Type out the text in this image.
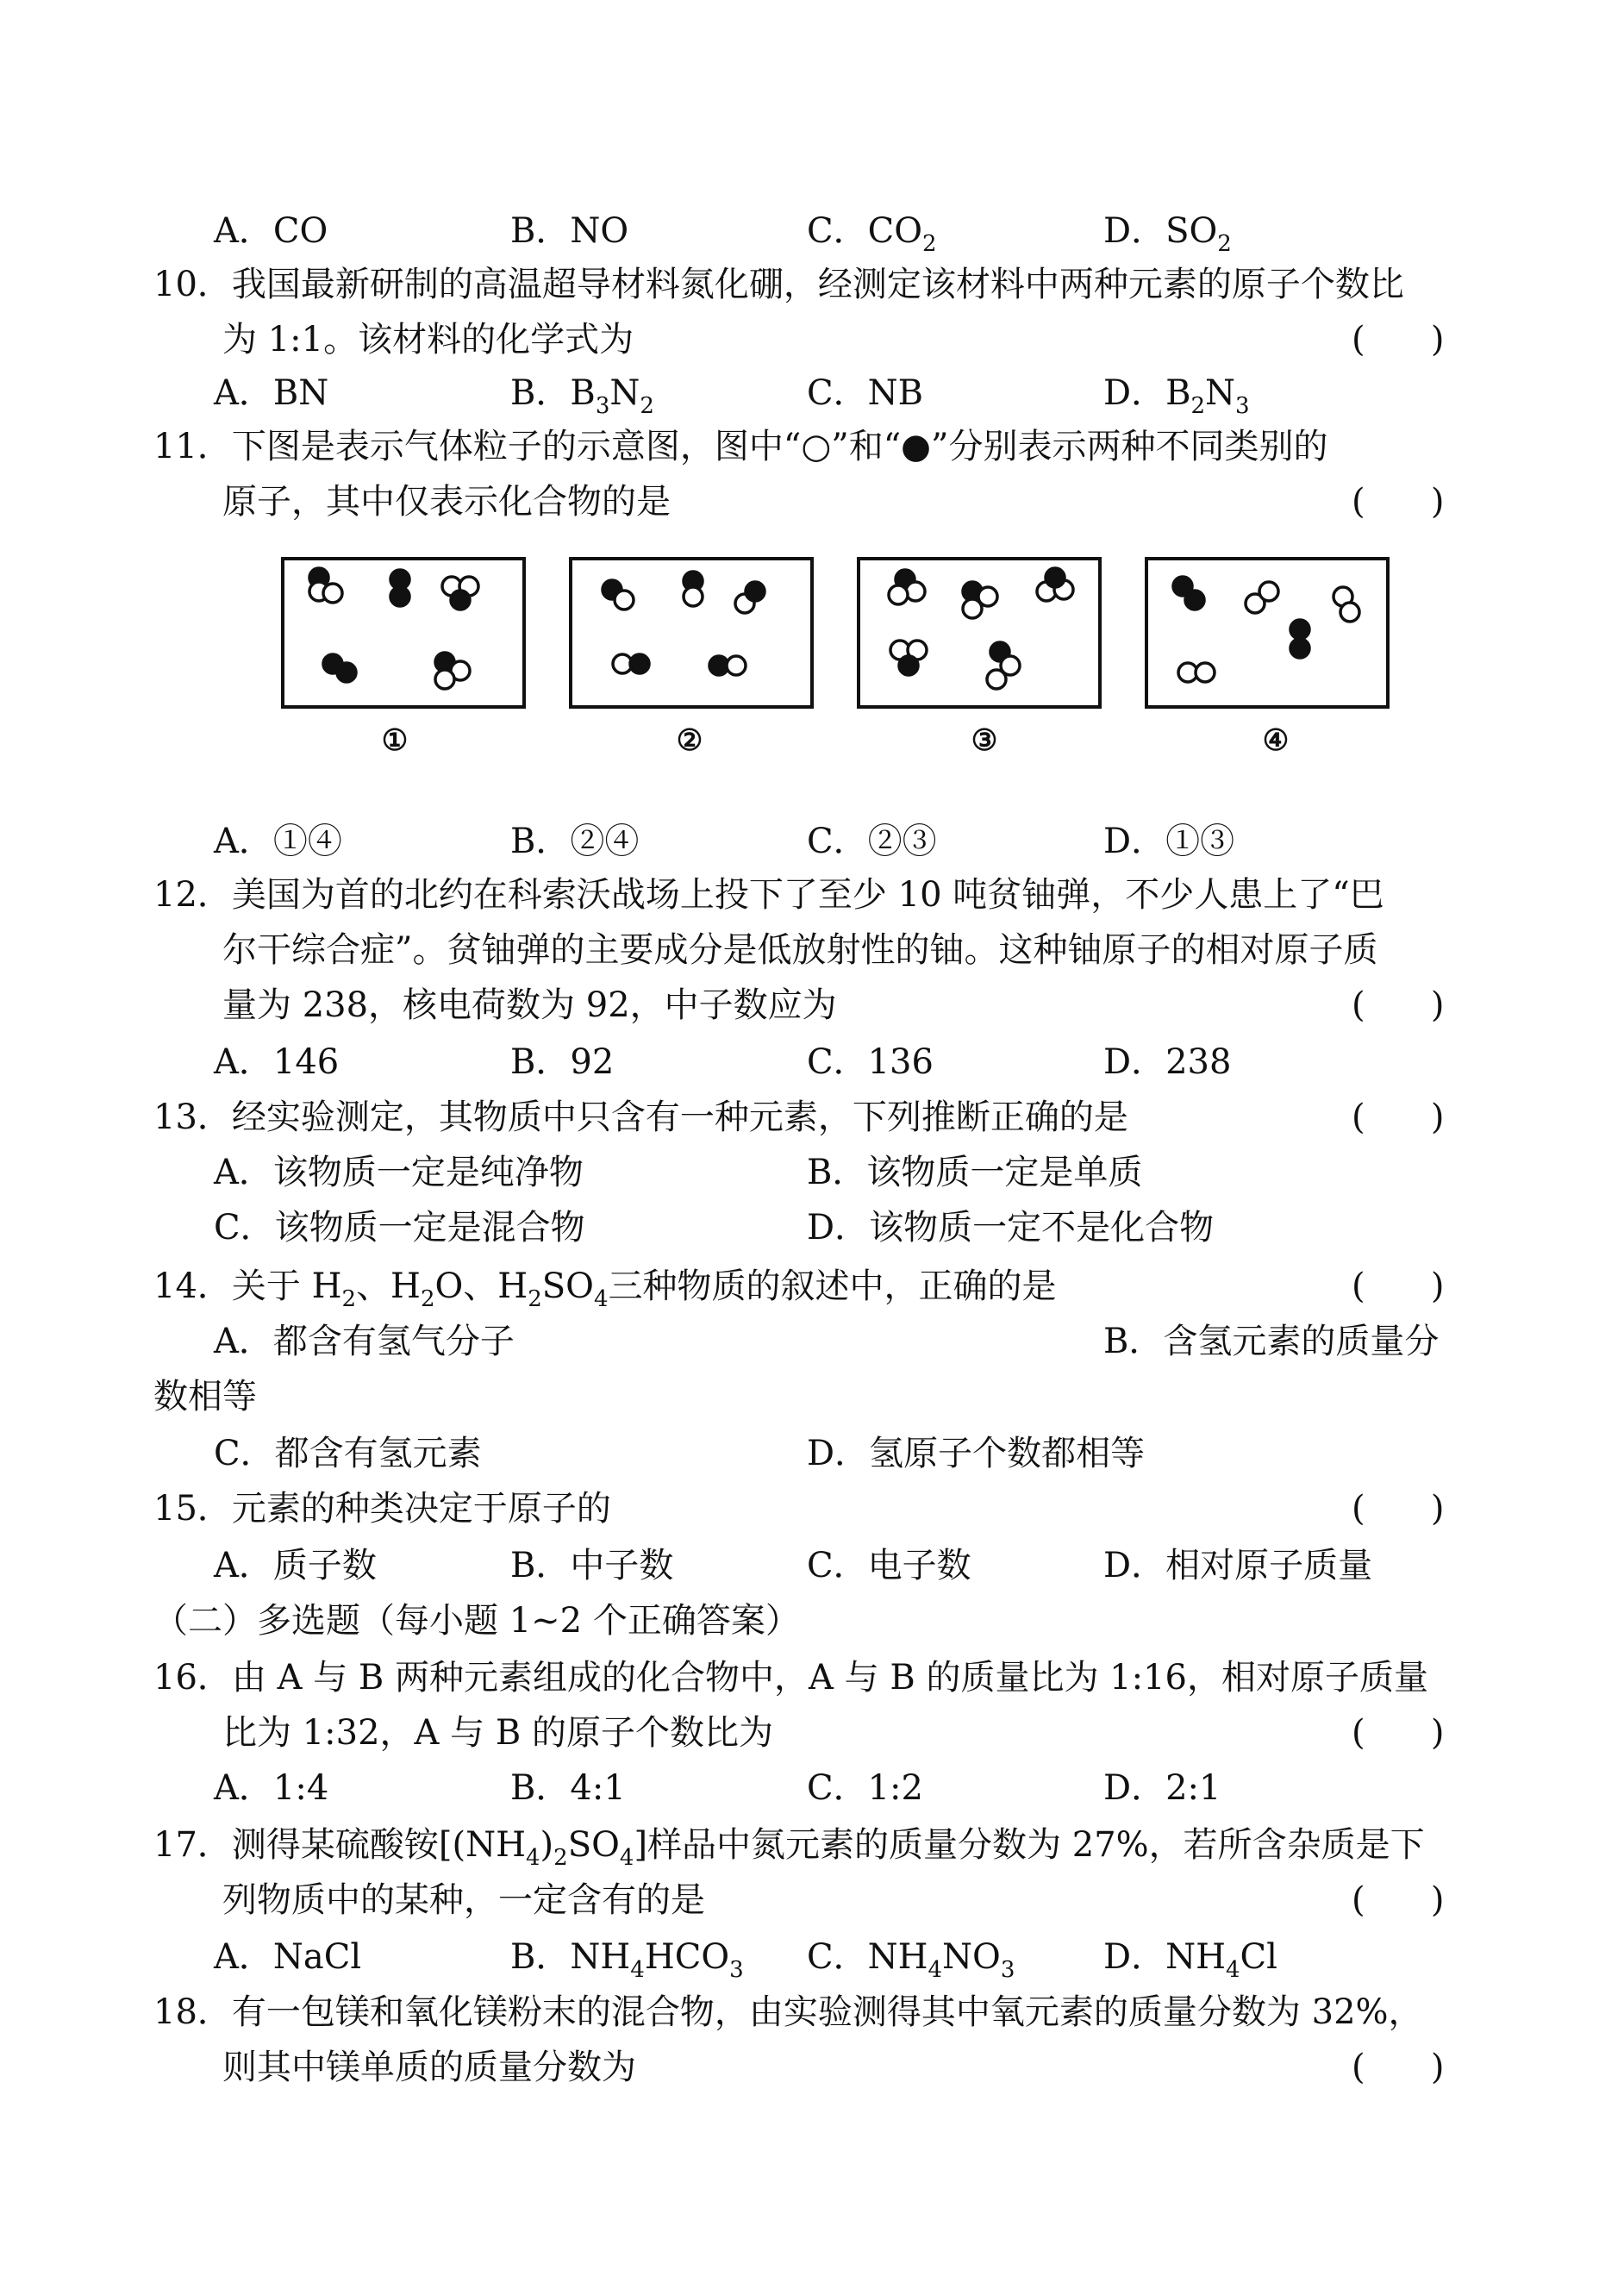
A．CO	B．NO	C．$CO_2$	D．$SO_2$
10．我国最新研制的高温超导材料氮化硼，经测定该材料中两种元素的原子个数比
为 1:1。该材料的化学式为	(      )
A．BN	B．$B_3N_2$	C．NB	D．$B_2N_3$
11．下图是表示气体粒子的示意图，图中“○”和“●”分别表示两种不同类别的
原子，其中仅表示化合物的是	(      )
①	②	③	④
A．①④	B．②④	C．②③	D．①③
12．美国为首的北约在科索沃战场上投下了至少 10 吨贫铀弹，不少人患上了“巴
尔干综合症”。贫铀弹的主要成分是低放射性的铀。这种铀原子的相对原子质
量为 238，核电荷数为 92，中子数应为	(      )
A．146	B．92	C．136	D．238
13．经实验测定，其物质中只含有一种元素，下列推断正确的是	(      )
A．该物质一定是纯净物	B．该物质一定是单质
C．该物质一定是混合物	D．该物质一定不是化合物
14．关于 $H_2$、$H_2O$、$H_2SO_4$三种物质的叙述中，正确的是	(      )
A．都含有氢气分子	B．含氢元素的质量分
数相等
C．都含有氢元素	D．氢原子个数都相等
15．元素的种类决定于原子的	(      )
A．质子数	B．中子数	C．电子数	D．相对原子质量
（二）多选题（每小题 1~2 个正确答案）
16．由 A 与 B 两种元素组成的化合物中，A 与 B 的质量比为 1:16，相对原子质量
比为 1:32，A 与 B 的原子个数比为	(      )
A．1:4	B．4:1	C．1:2	D．2:1
17．测得某硫酸铵$[(NH_4)_2SO_4]$样品中氮元素的质量分数为 27%，若所含杂质是下
列物质中的某种，一定含有的是	(      )
A．NaCl	B．$NH_4HCO_3$ C．$NH_4NO_3$	D．$NH_4Cl$
18．有一包镁和氧化镁粉末的混合物，由实验测得其中氧元素的质量分数为 32%，
则其中镁单质的质量分数为	(      )
